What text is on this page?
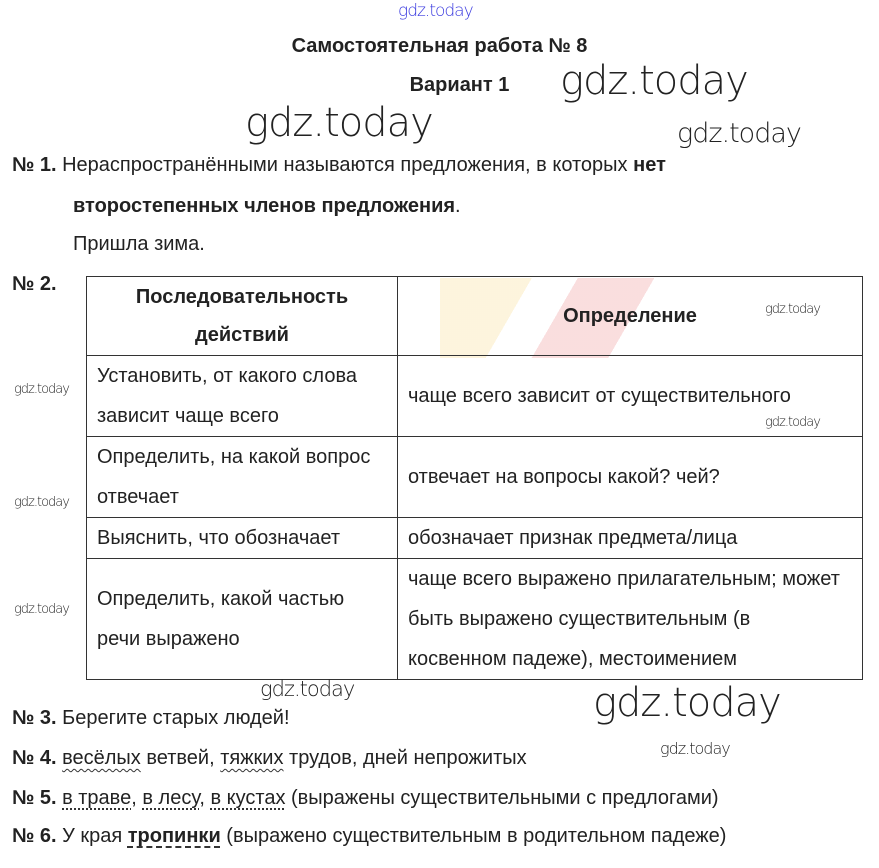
gdz.today
Самостоятельная работа № 8
Вариант 1
gdz.today	gdz.today
№ 1. Нераспространёнными называются предложения, в которых нет
второстепенных членов предложения.
Пришла зима.
№ 2.
Последовательность действий	Определение
Установить, от какого слова зависит чаще всего	чаще всего зависит от существительного
Определить, на какой вопрос отвечает	отвечает на вопросы какой? чей?
Выяснить, что обозначает	обозначает признак предмета/лица
Определить, какой частью речи выражено	чаще всего выражено прилагательным; может быть выражено существительным (в косвенном падеже), местоимением
gdz.today
gdz.today
gdz.today
gdz.today
gdz.today
gdz.today
gdz.today	gdz.today
gdz.today
№ 3. Берегите старых людей!
№ 4. весёлых ветвей, тяжких трудов, дней непрожитых
№ 5. в траве, в лесу, в кустах (выражены существительными с предлогами)
№ 6. У края тропинки (выражено существительным в родительном падеже)
